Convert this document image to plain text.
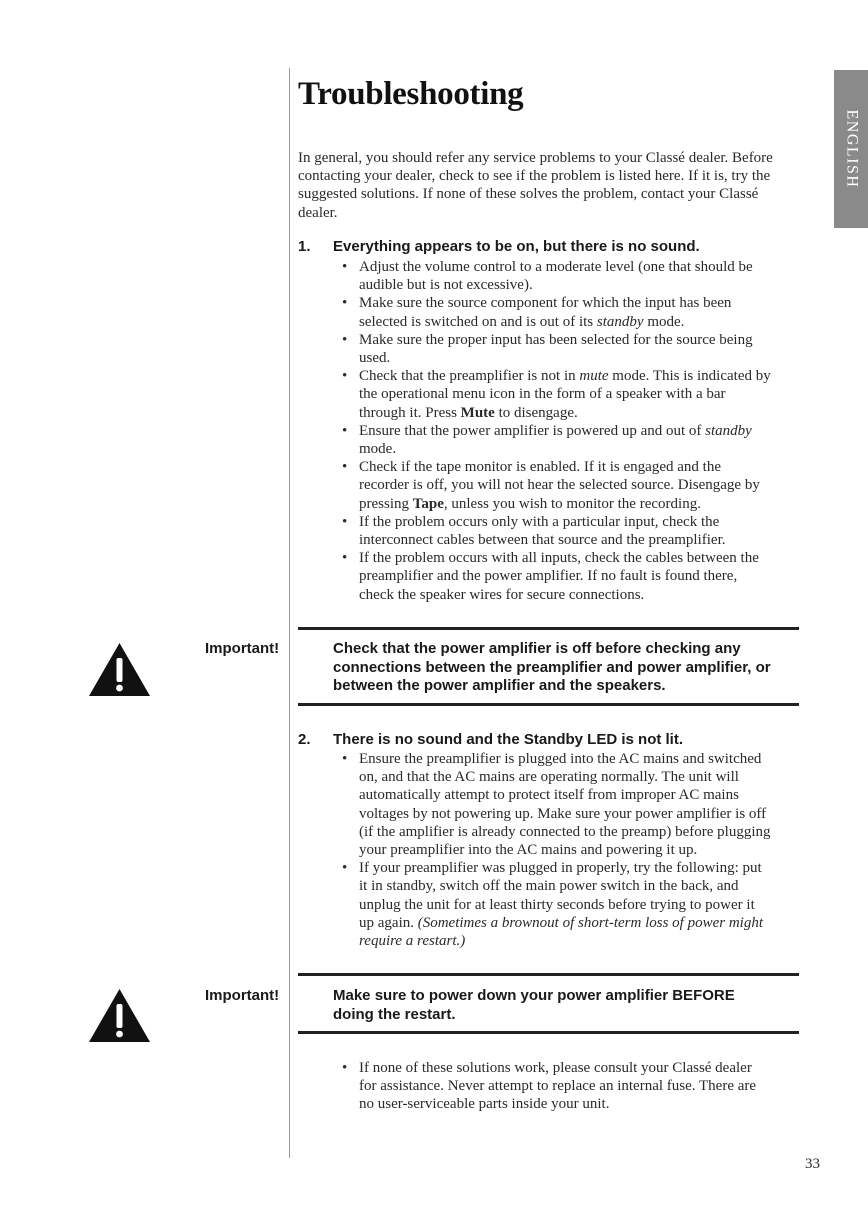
ENGLISH
Troubleshooting

In general, you should refer any service problems to your Classé dealer. Before contacting your dealer, check to see if the problem is listed here. If it is, try the suggested solutions. If none of these solves the problem, contact your Classé dealer.

1. Everything appears to be on, but there is no sound.
• Adjust the volume control to a moderate level (one that should be audible but is not excessive).
• Make sure the source component for which the input has been selected is switched on and is out of its standby mode.
• Make sure the proper input has been selected for the source being used.
• Check that the preamplifier is not in mute mode. This is indicated by the operational menu icon in the form of a speaker with a bar through it. Press Mute to disengage.
• Ensure that the power amplifier is powered up and out of standby mode.
• Check if the tape monitor is enabled. If it is engaged and the recorder is off, you will not hear the selected source. Disengage by pressing Tape, unless you wish to monitor the recording.
• If the problem occurs only with a particular input, check the interconnect cables between that source and the preamplifier.
• If the problem occurs with all inputs, check the cables between the preamplifier and the power amplifier. If no fault is found there, check the speaker wires for secure connections.
Important!	Check that the power amplifier is off before checking any connections between the preamplifier and power amplifier, or between the power amplifier and the speakers.
2. There is no sound and the Standby LED is not lit.
• Ensure the preamplifier is plugged into the AC mains and switched on, and that the AC mains are operating normally. The unit will automatically attempt to protect itself from improper AC mains voltages by not powering up. Make sure your power amplifier is off (if the amplifier is already connected to the preamp) before plugging your preamplifier into the AC mains and powering it up.
• If your preamplifier was plugged in properly, try the following: put it in standby, switch off the main power switch in the back, and unplug the unit for at least thirty seconds before trying to power it up again. (Sometimes a brownout of short-term loss of power might require a restart.)
Important!	Make sure to power down your power amplifier BEFORE doing the restart.
• If none of these solutions work, please consult your Classé dealer for assistance. Never attempt to replace an internal fuse. There are no user-serviceable parts inside your unit.
33
